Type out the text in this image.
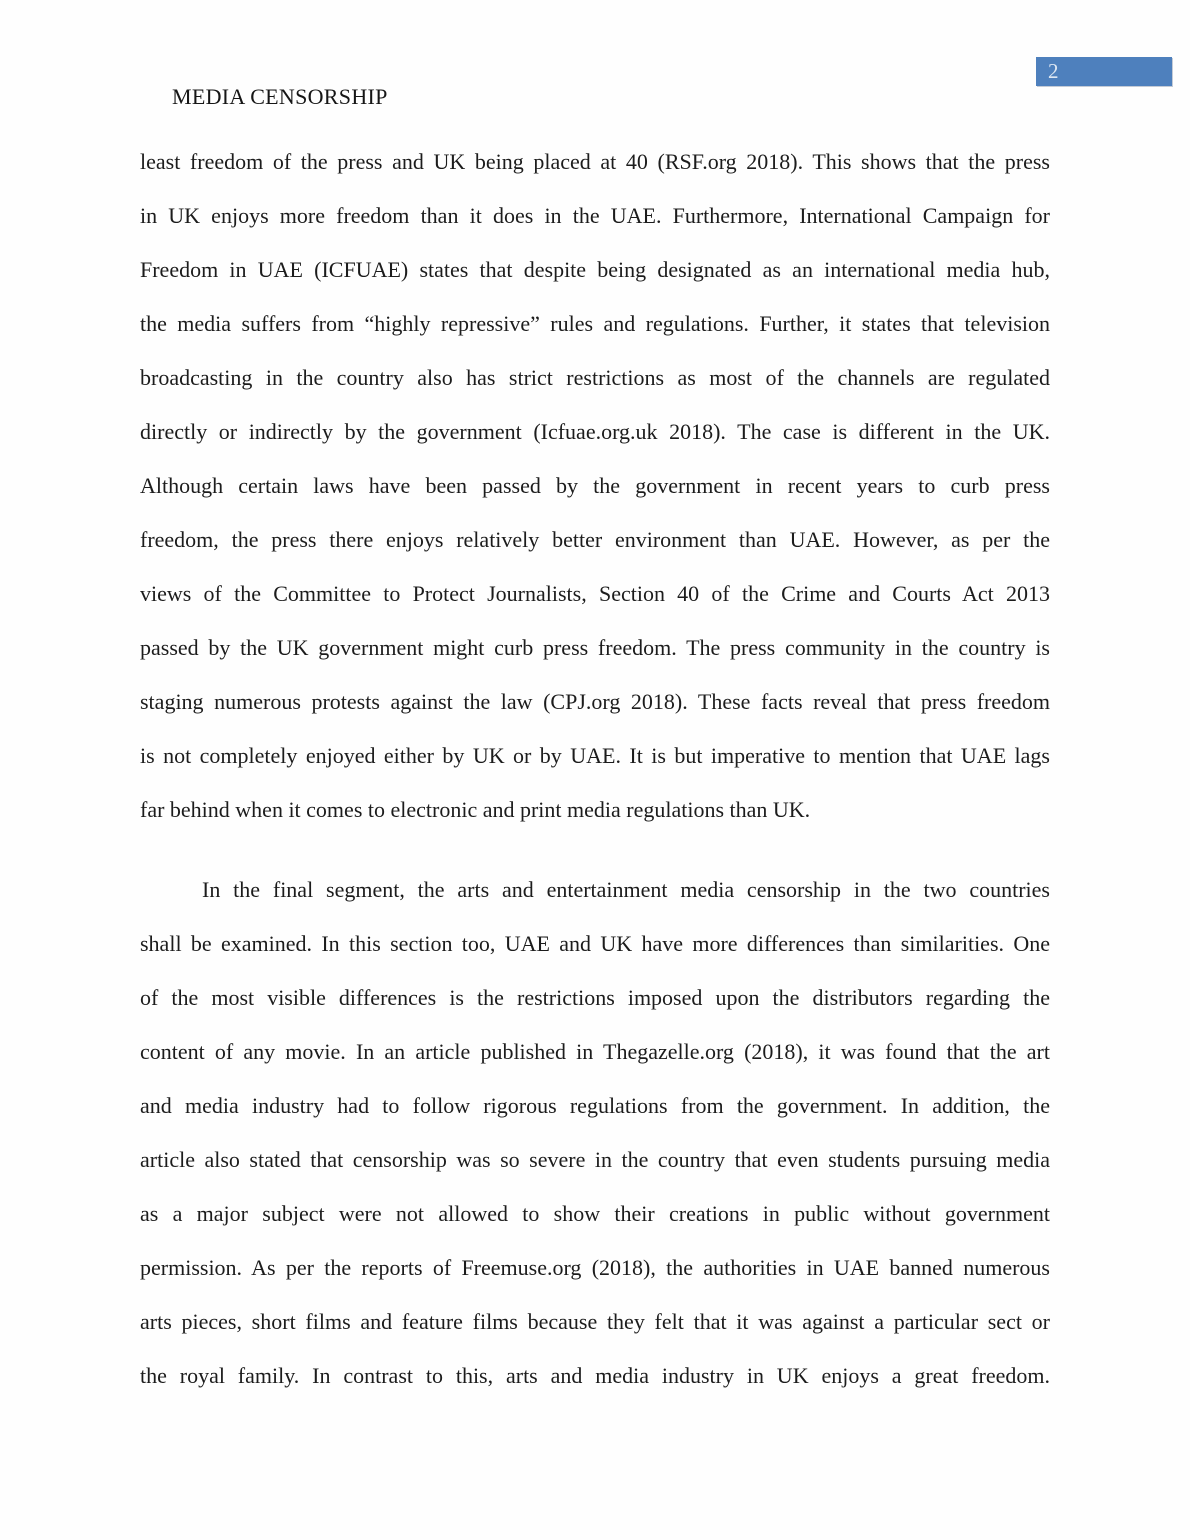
2
MEDIA CENSORSHIP
least freedom of the press and UK being placed at 40 (RSF.org 2018). This shows that the press
in UK enjoys more freedom than it does in the UAE. Furthermore, International Campaign for
Freedom in UAE (ICFUAE) states that despite being designated as an international media hub,
the media suffers from “highly repressive” rules and regulations. Further, it states that television
broadcasting in the country also has strict restrictions as most of the channels are regulated
directly or indirectly by the government (Icfuae.org.uk 2018). The case is different in the UK.
Although certain laws have been passed by the government in recent years to curb press
freedom, the press there enjoys relatively better environment than UAE. However, as per the
views of the Committee to Protect Journalists, Section 40 of the Crime and Courts Act 2013
passed by the UK government might curb press freedom. The press community in the country is
staging numerous protests against the law (CPJ.org 2018). These facts reveal that press freedom
is not completely enjoyed either by UK or by UAE. It is but imperative to mention that UAE lags
far behind when it comes to electronic and print media regulations than UK.
In the final segment, the arts and entertainment media censorship in the two countries
shall be examined. In this section too, UAE and UK have more differences than similarities. One
of the most visible differences is the restrictions imposed upon the distributors regarding the
content of any movie. In an article published in Thegazelle.org (2018), it was found that the art
and media industry had to follow rigorous regulations from the government. In addition, the
article also stated that censorship was so severe in the country that even students pursuing media
as a major subject were not allowed to show their creations in public without government
permission. As per the reports of Freemuse.org (2018), the authorities in UAE banned numerous
arts pieces, short films and feature films because they felt that it was against a particular sect or
the royal family. In contrast to this, arts and media industry in UK enjoys a great freedom.
